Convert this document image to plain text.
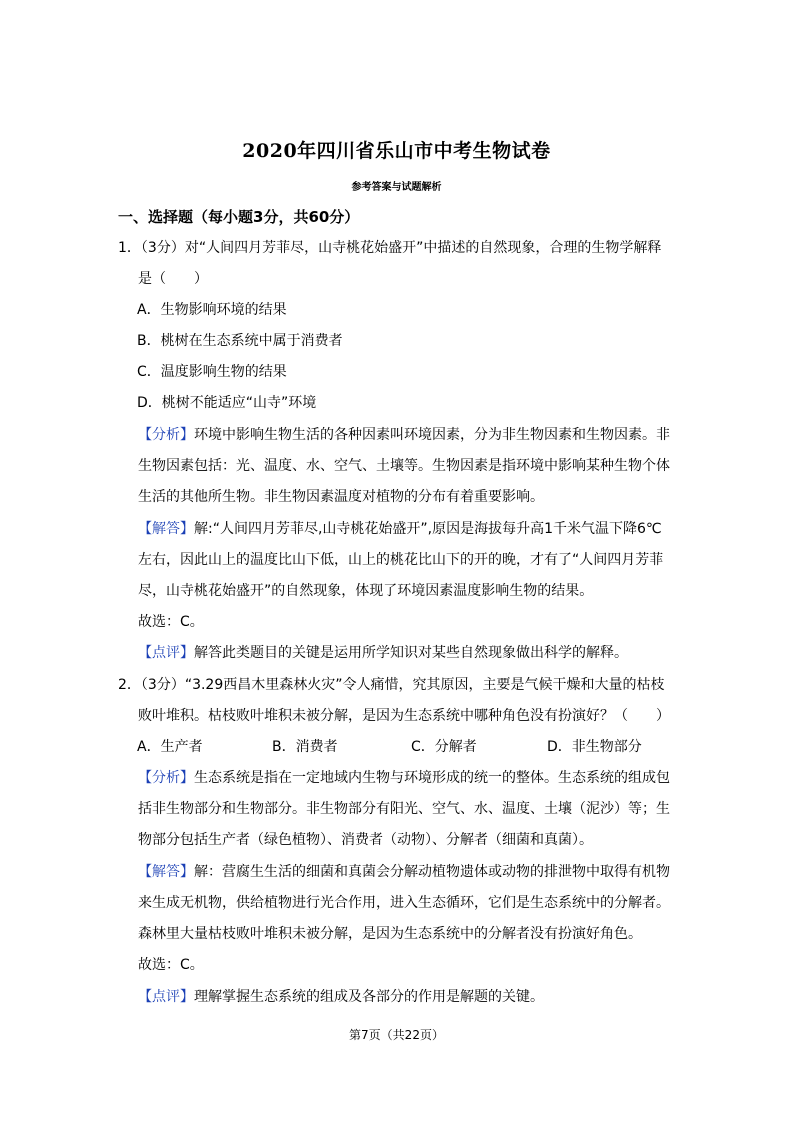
2020年四川省乐山市中考生物试卷
参考答案与试题解析
一、选择题（每小题3分，共60分）
1．（3分）对“人间四月芳菲尽，山寺桃花始盛开”中描述的自然现象，合理的生物学解释
是（　　）
A．生物影响环境的结果
B．桃树在生态系统中属于消费者
C．温度影响生物的结果
D．桃树不能适应“山寺”环境
【分析】环境中影响生物生活的各种因素叫环境因素，分为非生物因素和生物因素。非
生物因素包括：光、温度、水、空气、土壤等。生物因素是指环境中影响某种生物个体
生活的其他所生物。非生物因素温度对植物的分布有着重要影响。
【解答】解:“人间四月芳菲尽,山寺桃花始盛开”,原因是海拔每升高1千米气温下降6℃
左右，因此山上的温度比山下低，山上的桃花比山下的开的晚，才有了“人间四月芳菲
尽，山寺桃花始盛开”的自然现象，体现了环境因素温度影响生物的结果。
故选：C。
【点评】解答此类题目的关键是运用所学知识对某些自然现象做出科学的解释。
2．（3分）“3.29西昌木里森林火灾”令人痛惜，究其原因，主要是气候干燥和大量的枯枝
败叶堆积。枯枝败叶堆积未被分解，是因为生态系统中哪种角色没有扮演好？（　　）
A．生产者	B．消费者	C．分解者	D．非生物部分
【分析】生态系统是指在一定地域内生物与环境形成的统一的整体。生态系统的组成包
括非生物部分和生物部分。非生物部分有阳光、空气、水、温度、土壤（泥沙）等；生
物部分包括生产者（绿色植物）、消费者（动物）、分解者（细菌和真菌）。
【解答】解：营腐生生活的细菌和真菌会分解动植物遗体或动物的排泄物中取得有机物
来生成无机物，供给植物进行光合作用，进入生态循环，它们是生态系统中的分解者。
森林里大量枯枝败叶堆积未被分解，是因为生态系统中的分解者没有扮演好角色。
故选：C。
【点评】理解掌握生态系统的组成及各部分的作用是解题的关键。
第7页（共22页）
